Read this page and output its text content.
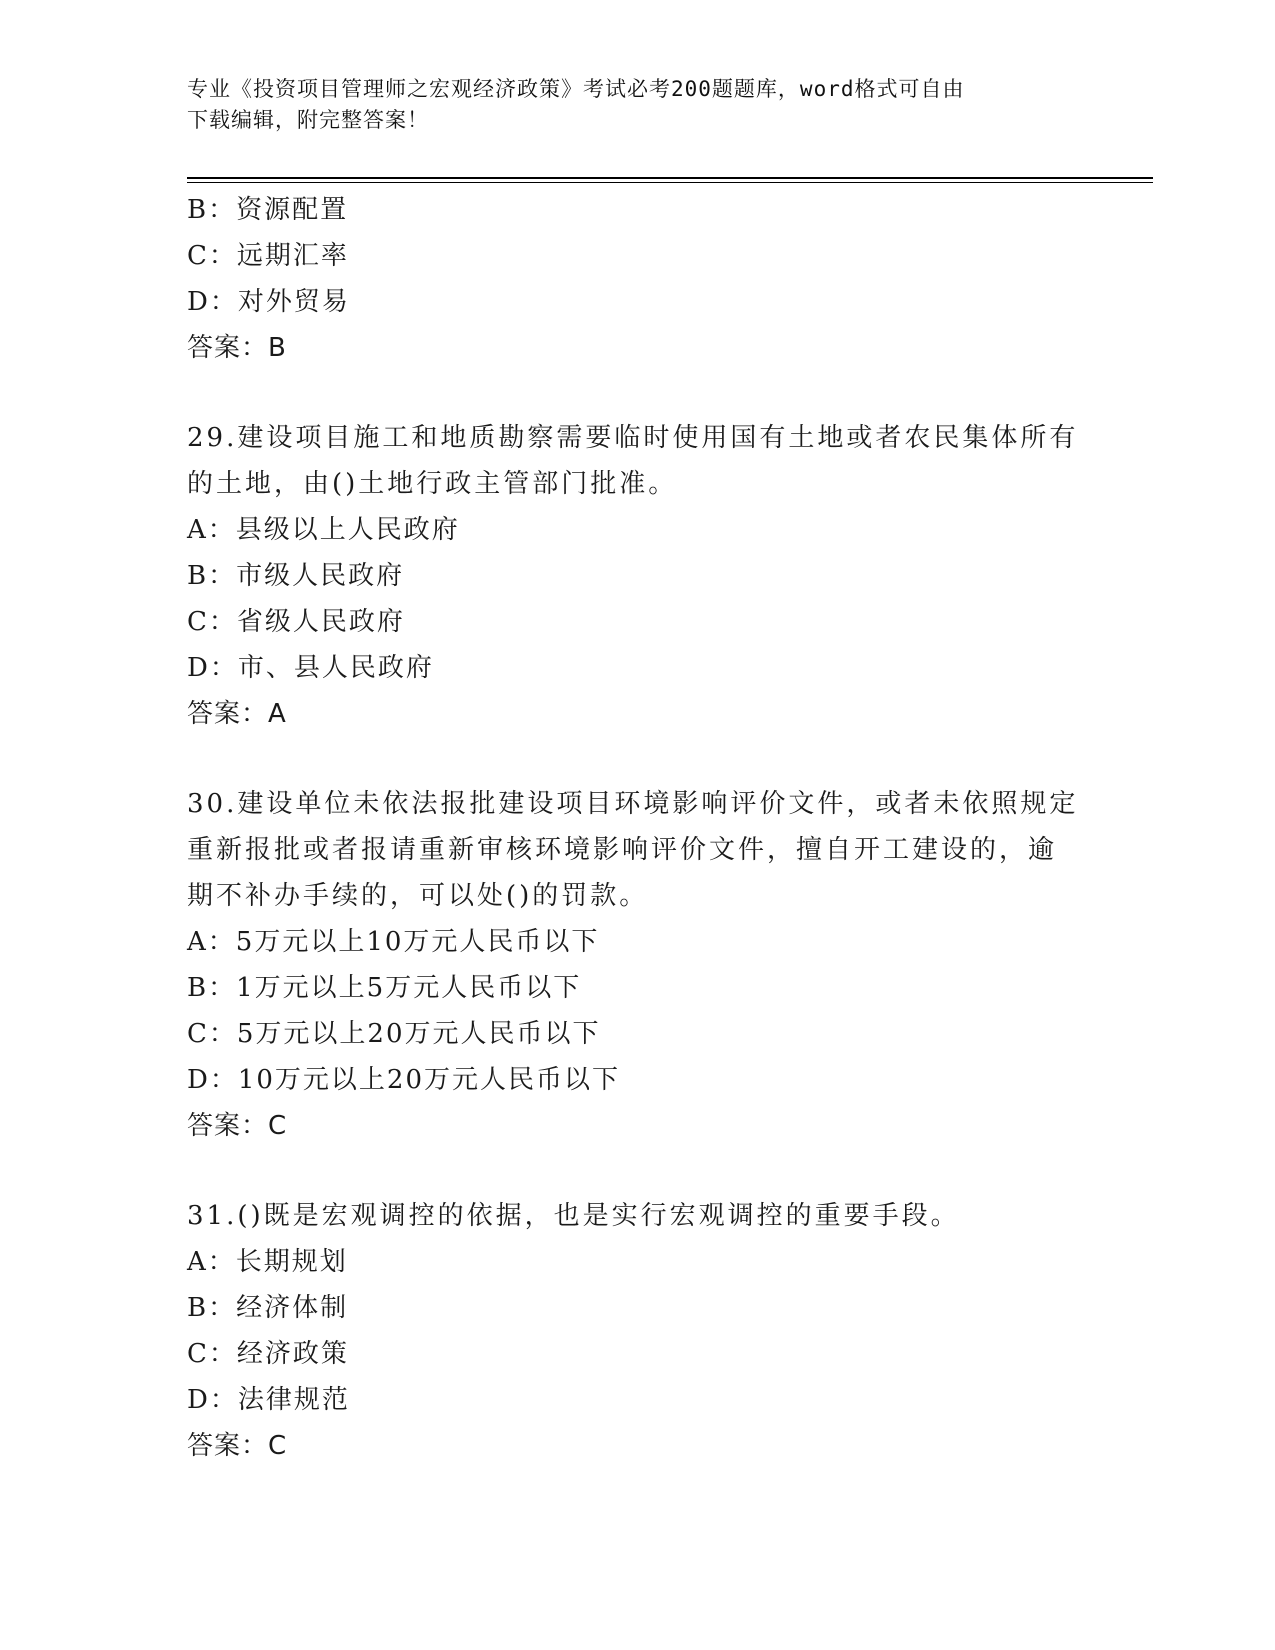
专业《投资项目管理师之宏观经济政策》考试必考200题题库，word格式可自由
下载编辑，附完整答案！
B：资源配置
C：远期汇率
D：对外贸易
答案：B
29.建设项目施工和地质勘察需要临时使用国有土地或者农民集体所有
的土地，由()土地行政主管部门批准。
A：县级以上人民政府
B：市级人民政府
C：省级人民政府
D：市、县人民政府
答案：A
30.建设单位未依法报批建设项目环境影响评价文件，或者未依照规定
重新报批或者报请重新审核环境影响评价文件，擅自开工建设的，逾
期不补办手续的，可以处()的罚款。
A：5万元以上10万元人民币以下
B：1万元以上5万元人民币以下
C：5万元以上20万元人民币以下
D：10万元以上20万元人民币以下
答案：C
31.()既是宏观调控的依据，也是实行宏观调控的重要手段。
A：长期规划
B：经济体制
C：经济政策
D：法律规范
答案：C
